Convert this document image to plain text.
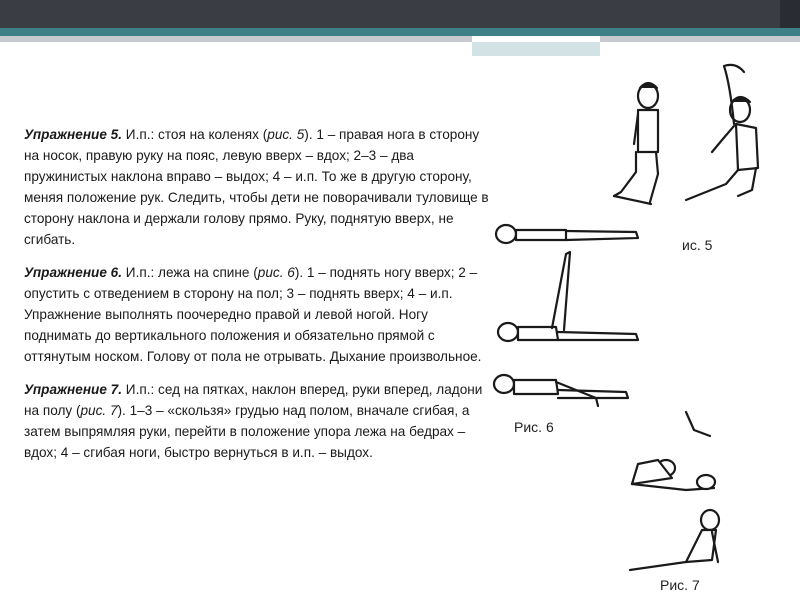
Упражнение 5. И.п.: стоя на коленях (рис. 5). 1 – правая нога в сторону на носок, правую руку на пояс, левую вверх – вдох; 2–3 – два пружинистых наклона вправо – выдох; 4 – и.п. То же в другую сторону, меняя положение рук. Следить, чтобы дети не поворачивали туловище в сторону наклона и держали голову прямо. Руку, поднятую вверх, не сгибать.

Упражнение 6. И.п.: лежа на спине (рис. 6). 1 – поднять ногу вверх; 2 – опустить с отведением в сторону на пол; 3 – поднять вверх; 4 – и.п. Упражнение выполнять поочередно правой и левой ногой. Ногу поднимать до вертикального положения и обязательно прямой с оттянутым носком. Голову от пола не отрывать. Дыхание произвольное.

Упражнение 7. И.п.: сед на пятках, наклон вперед, руки вперед, ладони на полу (рис. 7). 1–3 – «скользя» грудью над полом, вначале сгибая, а затем выпрямляя руки, перейти в положение упора лежа на бедрах – вдох; 4 – сгибая ноги, быстро вернуться в и.п. – выдох.

ис. 5
Рис. 6
Рис. 7
